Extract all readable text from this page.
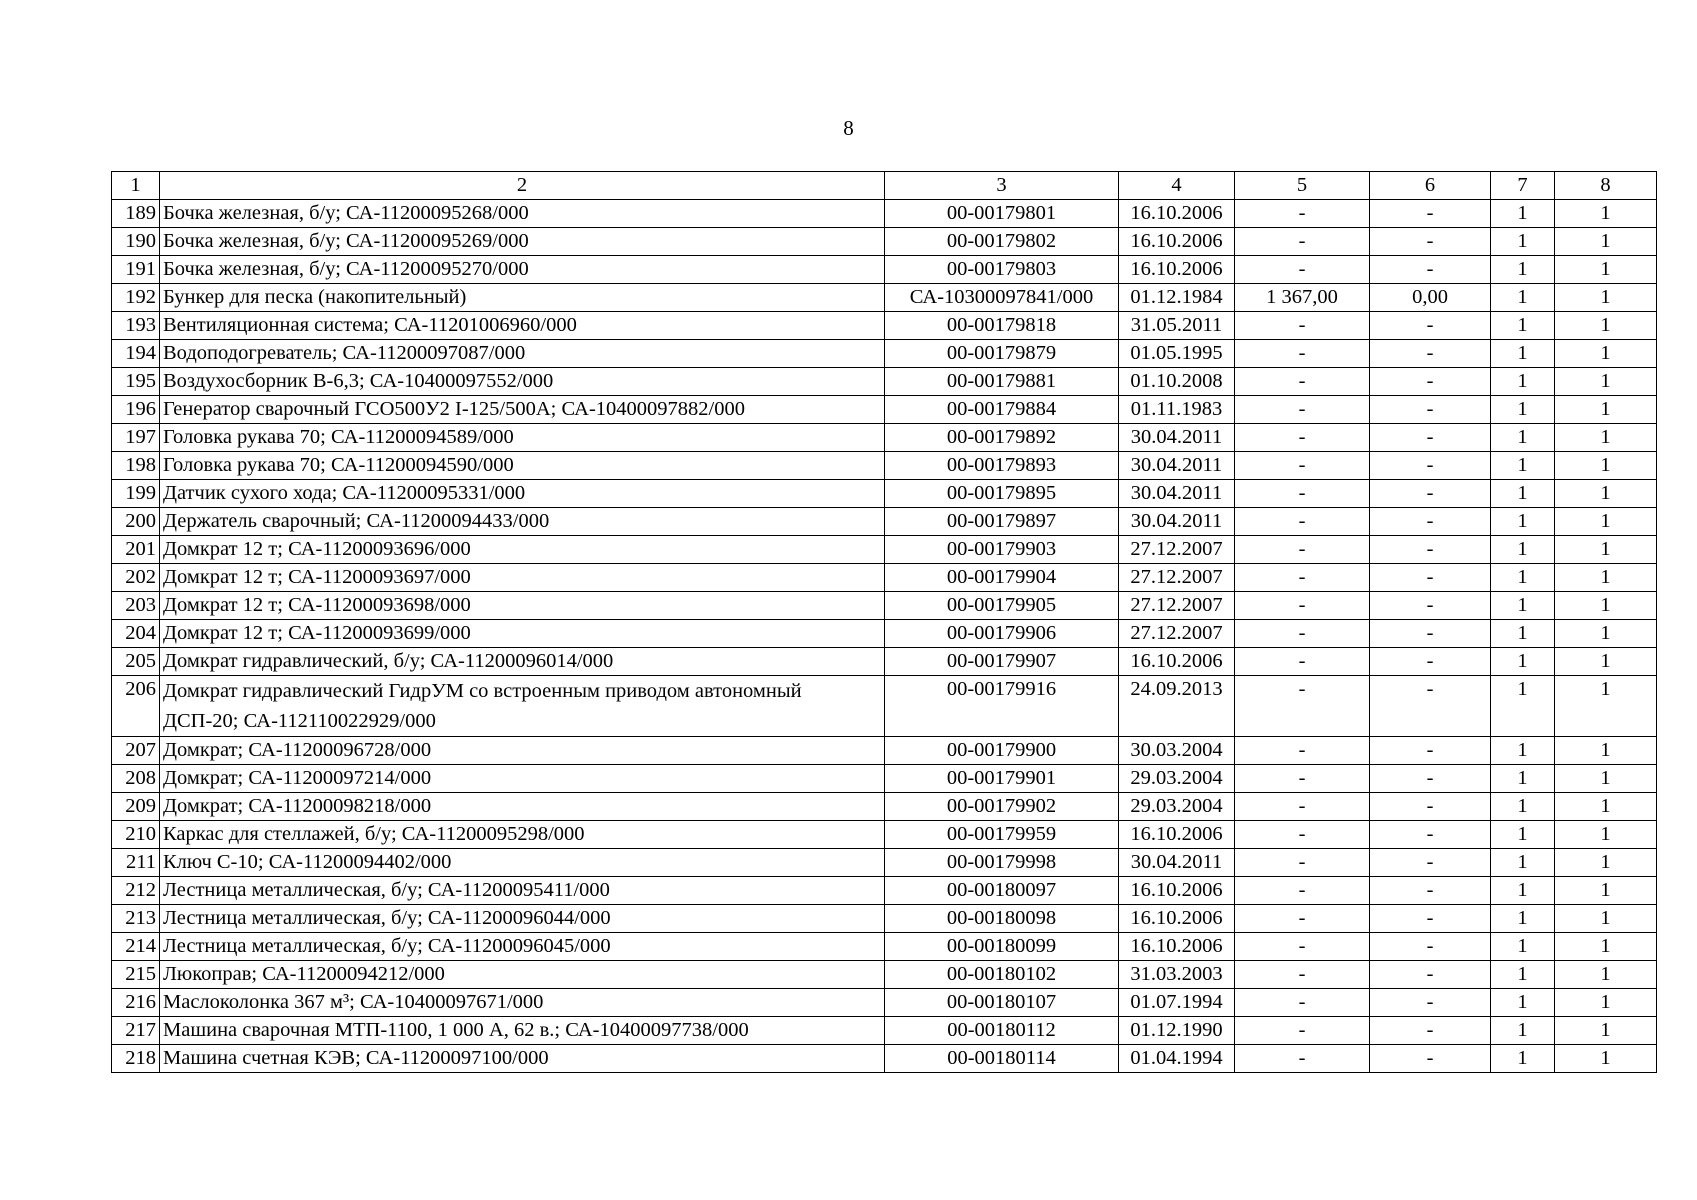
8
1	2	3	4	5	6	7	8
189	Бочка железная, б/у; СА-11200095268/000	00-00179801	16.10.2006	-	-	1	1
190	Бочка железная, б/у; СА-11200095269/000	00-00179802	16.10.2006	-	-	1	1
191	Бочка железная, б/у; СА-11200095270/000	00-00179803	16.10.2006	-	-	1	1
192	Бункер для песка (накопительный)	СА-10300097841/000	01.12.1984	1 367,00	0,00	1	1
193	Вентиляционная система; СА-11201006960/000	00-00179818	31.05.2011	-	-	1	1
194	Водоподогреватель; СА-11200097087/000	00-00179879	01.05.1995	-	-	1	1
195	Воздухосборник В-6,3; СА-10400097552/000	00-00179881	01.10.2008	-	-	1	1
196	Генератор сварочный ГСО500У2 I-125/500А; СА-10400097882/000	00-00179884	01.11.1983	-	-	1	1
197	Головка рукава 70; СА-11200094589/000	00-00179892	30.04.2011	-	-	1	1
198	Головка рукава 70; СА-11200094590/000	00-00179893	30.04.2011	-	-	1	1
199	Датчик сухого хода; СА-11200095331/000	00-00179895	30.04.2011	-	-	1	1
200	Держатель сварочный; СА-11200094433/000	00-00179897	30.04.2011	-	-	1	1
201	Домкрат 12 т; СА-11200093696/000	00-00179903	27.12.2007	-	-	1	1
202	Домкрат 12 т; СА-11200093697/000	00-00179904	27.12.2007	-	-	1	1
203	Домкрат 12 т; СА-11200093698/000	00-00179905	27.12.2007	-	-	1	1
204	Домкрат 12 т; СА-11200093699/000	00-00179906	27.12.2007	-	-	1	1
205	Домкрат гидравлический, б/у; СА-11200096014/000	00-00179907	16.10.2006	-	-	1	1
206	Домкрат гидравлический ГидрУМ со встроенным приводом автономный ДСП-20; СА-112110022929/000	00-00179916	24.09.2013	-	-	1	1
207	Домкрат; СА-11200096728/000	00-00179900	30.03.2004	-	-	1	1
208	Домкрат; СА-11200097214/000	00-00179901	29.03.2004	-	-	1	1
209	Домкрат; СА-11200098218/000	00-00179902	29.03.2004	-	-	1	1
210	Каркас для стеллажей, б/у; СА-11200095298/000	00-00179959	16.10.2006	-	-	1	1
211	Ключ С-10; СА-11200094402/000	00-00179998	30.04.2011	-	-	1	1
212	Лестница металлическая, б/у; СА-11200095411/000	00-00180097	16.10.2006	-	-	1	1
213	Лестница металлическая, б/у; СА-11200096044/000	00-00180098	16.10.2006	-	-	1	1
214	Лестница металлическая, б/у; СА-11200096045/000	00-00180099	16.10.2006	-	-	1	1
215	Люкоправ; СА-11200094212/000	00-00180102	31.03.2003	-	-	1	1
216	Маслоколонка 367 м³; СА-10400097671/000	00-00180107	01.07.1994	-	-	1	1
217	Машина сварочная МТП-1100, 1 000 А, 62 в.; СА-10400097738/000	00-00180112	01.12.1990	-	-	1	1
218	Машина счетная КЭВ; СА-11200097100/000	00-00180114	01.04.1994	-	-	1	1
